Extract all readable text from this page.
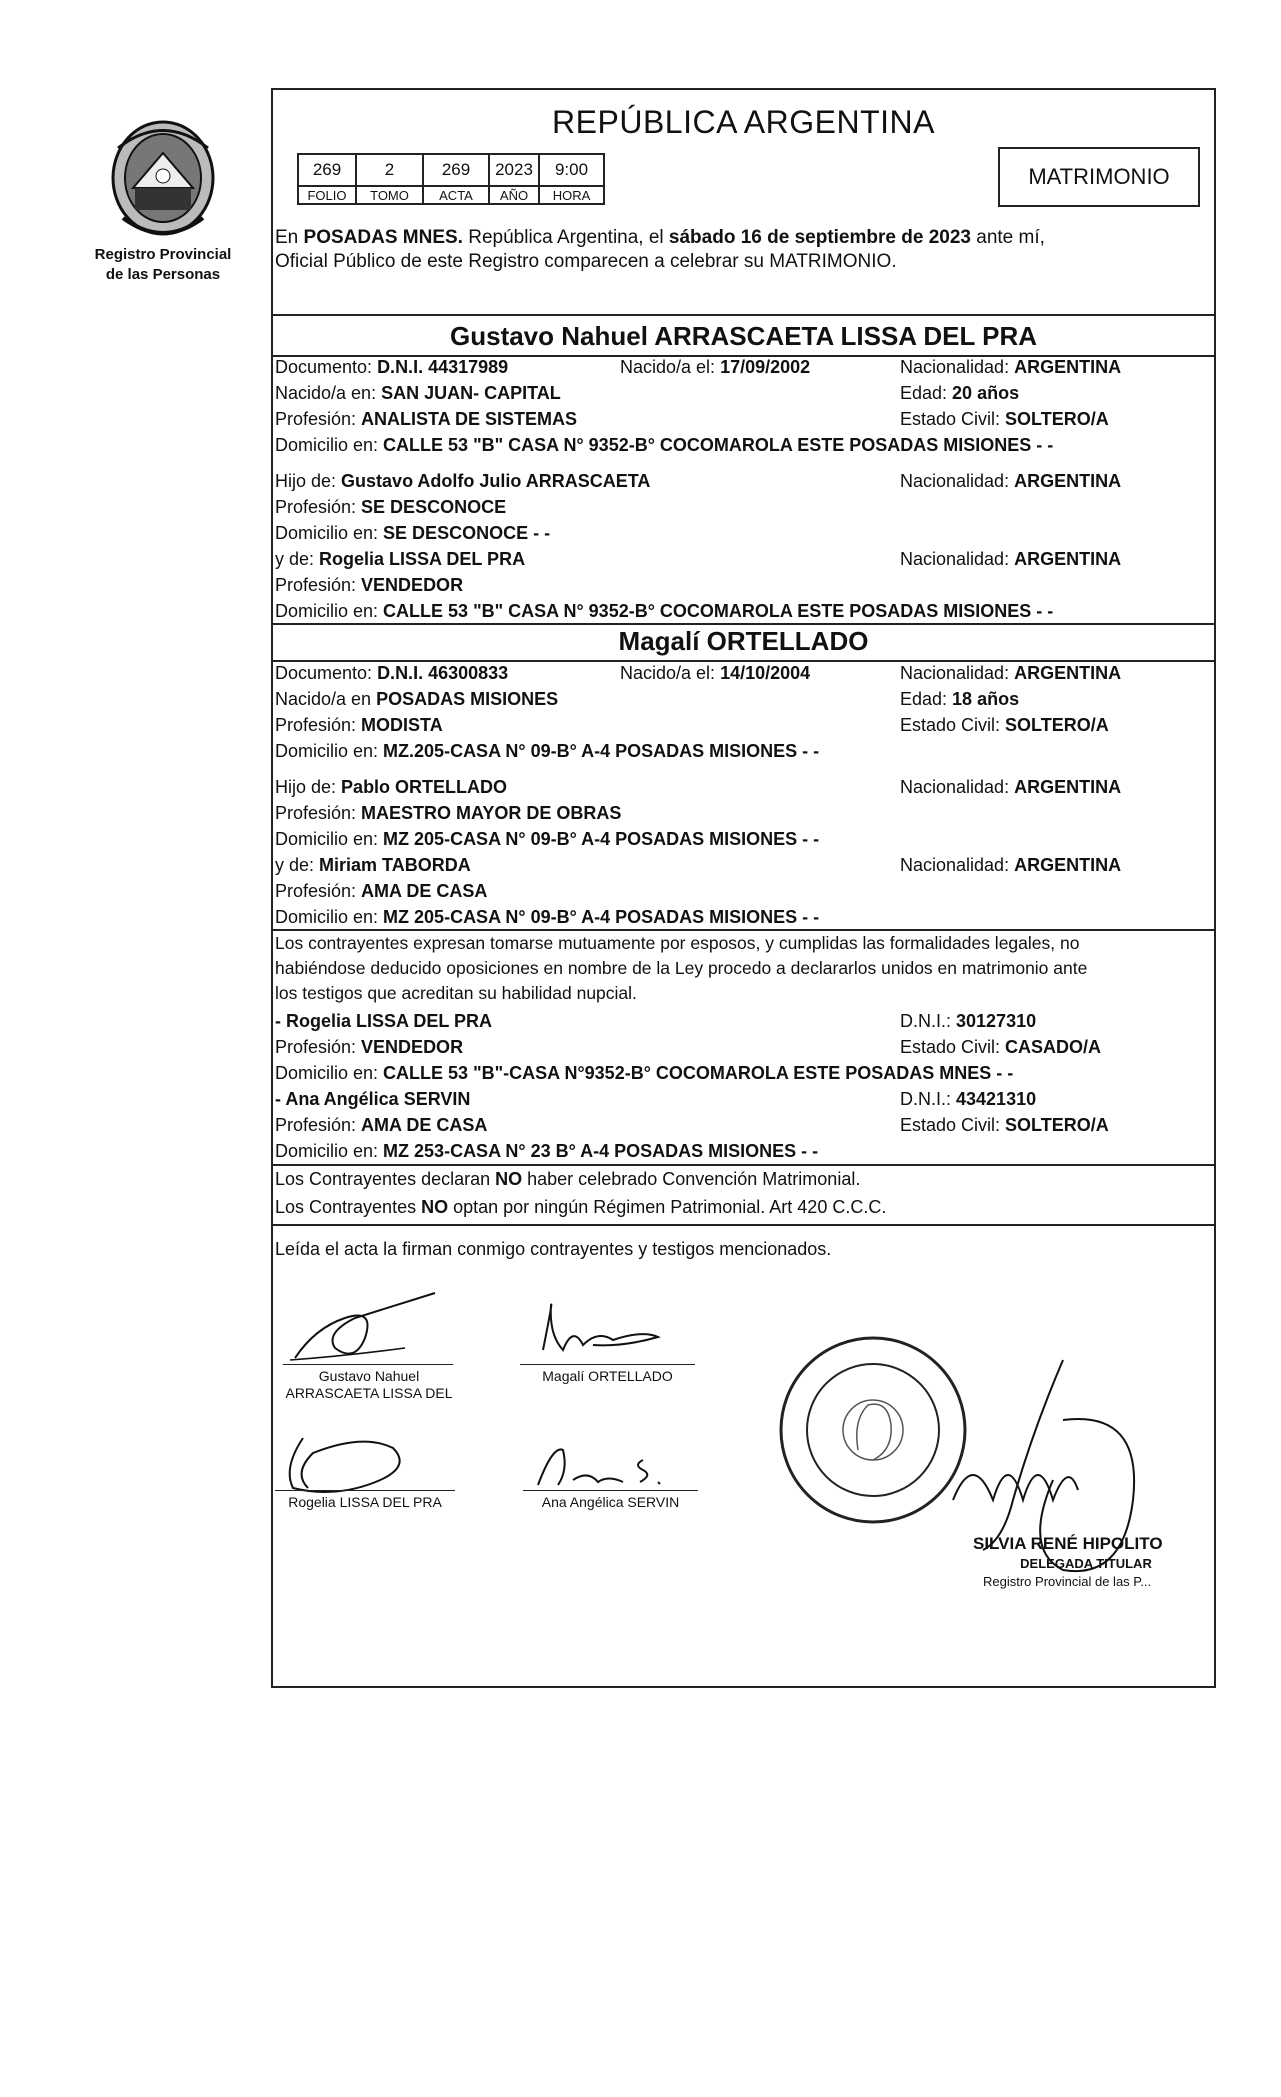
Registro Provincial
de las Personas
REPÚBLICA ARGENTINA
269	2	269	2023	9:00
FOLIO	TOMO	ACTA	AÑO	HORA
MATRIMONIO
En POSADAS MNES. República Argentina, el sábado 16 de septiembre de 2023 ante mí,
Oficial Público de este Registro comparecen a celebrar su MATRIMONIO.
Gustavo Nahuel ARRASCAETA LISSA DEL PRA
Documento: D.N.I. 44317989	Nacido/a el: 17/09/2002	Nacionalidad: ARGENTINA
Nacido/a en: SAN JUAN- CAPITAL	Edad: 20 años
Profesión: ANALISTA DE SISTEMAS	Estado Civil: SOLTERO/A
Domicilio en: CALLE 53 "B" CASA N° 9352-B° COCOMAROLA ESTE POSADAS MISIONES - -
Hijo de: Gustavo Adolfo Julio ARRASCAETA	Nacionalidad: ARGENTINA
Profesión: SE DESCONOCE
Domicilio en: SE DESCONOCE - -
y de: Rogelia LISSA DEL PRA	Nacionalidad: ARGENTINA
Profesión: VENDEDOR
Domicilio en: CALLE 53 "B" CASA N° 9352-B° COCOMAROLA ESTE POSADAS MISIONES - -
Magalí ORTELLADO
Documento: D.N.I. 46300833	Nacido/a el: 14/10/2004	Nacionalidad: ARGENTINA
Nacido/a en POSADAS MISIONES	Edad: 18 años
Profesión: MODISTA	Estado Civil: SOLTERO/A
Domicilio en: MZ.205-CASA N° 09-B° A-4 POSADAS MISIONES - -
Hijo de: Pablo ORTELLADO	Nacionalidad: ARGENTINA
Profesión: MAESTRO MAYOR DE OBRAS
Domicilio en: MZ 205-CASA N° 09-B° A-4 POSADAS MISIONES - -
y de: Miriam TABORDA	Nacionalidad: ARGENTINA
Profesión: AMA DE CASA
Domicilio en: MZ 205-CASA N° 09-B° A-4 POSADAS MISIONES - -
Los contrayentes expresan tomarse mutuamente por esposos, y cumplidas las formalidades legales, no
habiéndose deducido oposiciones en nombre de la Ley procedo a declararlos unidos en matrimonio ante
los testigos que acreditan su habilidad nupcial.
- Rogelia LISSA DEL PRA	D.N.I.: 30127310
Profesión: VENDEDOR	Estado Civil: CASADO/A
Domicilio en: CALLE 53 "B"-CASA N°9352-B° COCOMAROLA ESTE POSADAS MNES - -
- Ana Angélica SERVIN	D.N.I.: 43421310
Profesión: AMA DE CASA	Estado Civil: SOLTERO/A
Domicilio en: MZ 253-CASA N° 23 B° A-4 POSADAS MISIONES - -
Los Contrayentes declaran NO haber celebrado Convención Matrimonial.
Los Contrayentes NO optan por ningún Régimen Patrimonial. Art 420 C.C.C.
Leída el acta la firman conmigo contrayentes y testigos mencionados.
Gustavo Nahuel
ARRASCAETA LISSA DEL
Magalí ORTELLADO
Rogelia LISSA DEL PRA	Ana Angélica SERVIN
SILVIA RENÉ HIPOLITO
DELEGADA TITULAR
Registro Provincial de las P...
